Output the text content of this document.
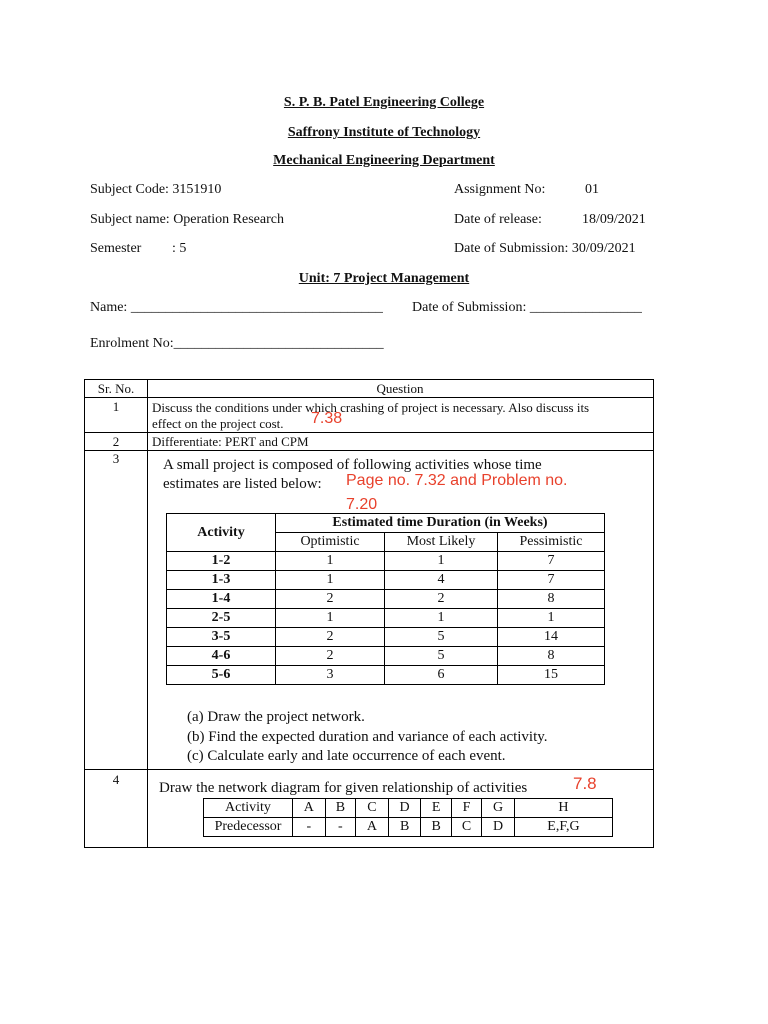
S. P. B. Patel Engineering College
Saffrony Institute of Technology
Mechanical Engineering Department
Subject Code: 3151910	Assignment No:	01
Subject name: Operation Research	Date of release:	18/09/2021
Semester : 5	Date of Submission: 30/09/2021
Unit: 7 Project Management
Name: ____________________________________ Date of Submission: ________________
Enrolment No:______________________________
Sr. No.	Question
1	Discuss the conditions under which crashing of project is necessary. Also discuss its
effect on the project cost. 7.38
2	Differentiate: PERT and CPM
3	A small project is composed of following activities whose time
estimates are listed below: Page no. 7.32 and Problem no.
7.20
Activity	Estimated time Duration (in Weeks)		
	Optimistic	Most Likely	Pessimistic
1-2	1	1	7
1-3	1	4	7
1-4	2	2	8
2-5	1	1	1
3-5	2	5	14
4-6	2	5	8
5-6	3	6	15
(a) Draw the project network.
(b) Find the expected duration and variance of each activity.
(c) Calculate early and late occurrence of each event.
4
Draw the network diagram for given relationship of activities	7.8
Activity	A	B	C	D	E	F	G	H
Predecessor	-	-	A	B	B	C	D	E,F,G
